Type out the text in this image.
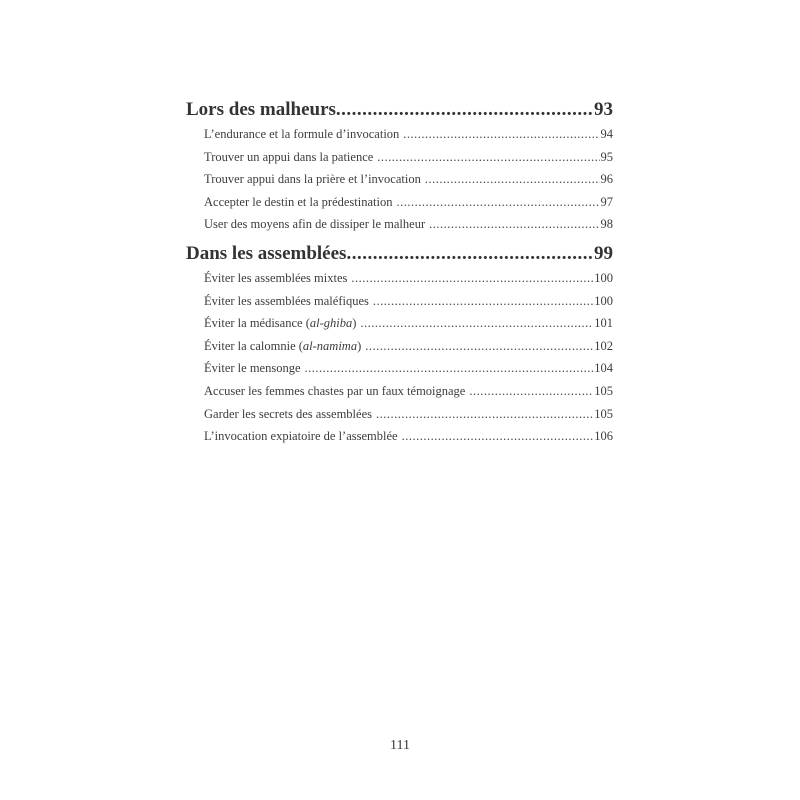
Lors des malheurs .....	93
L’endurance et la formule d’invocation .....	94
Trouver un appui dans la patience .....	95
Trouver appui dans la prière et l’invocation .....	96
Accepter le destin et la prédestination .....	97
User des moyens afin de dissiper le malheur .....	98
Dans les assemblées .....	99
Éviter les assemblées mixtes .....	100
Éviter les assemblées maléfiques .....	100
Éviter la médisance (al-ghiba) .....	101
Éviter la calomnie (al-namima) .....	102
Éviter le mensonge .....	104
Accuser les femmes chastes par un faux témoignage .....	105
Garder les secrets des assemblées .....	105
L’invocation expiatoire de l’assemblée .....	106
111
